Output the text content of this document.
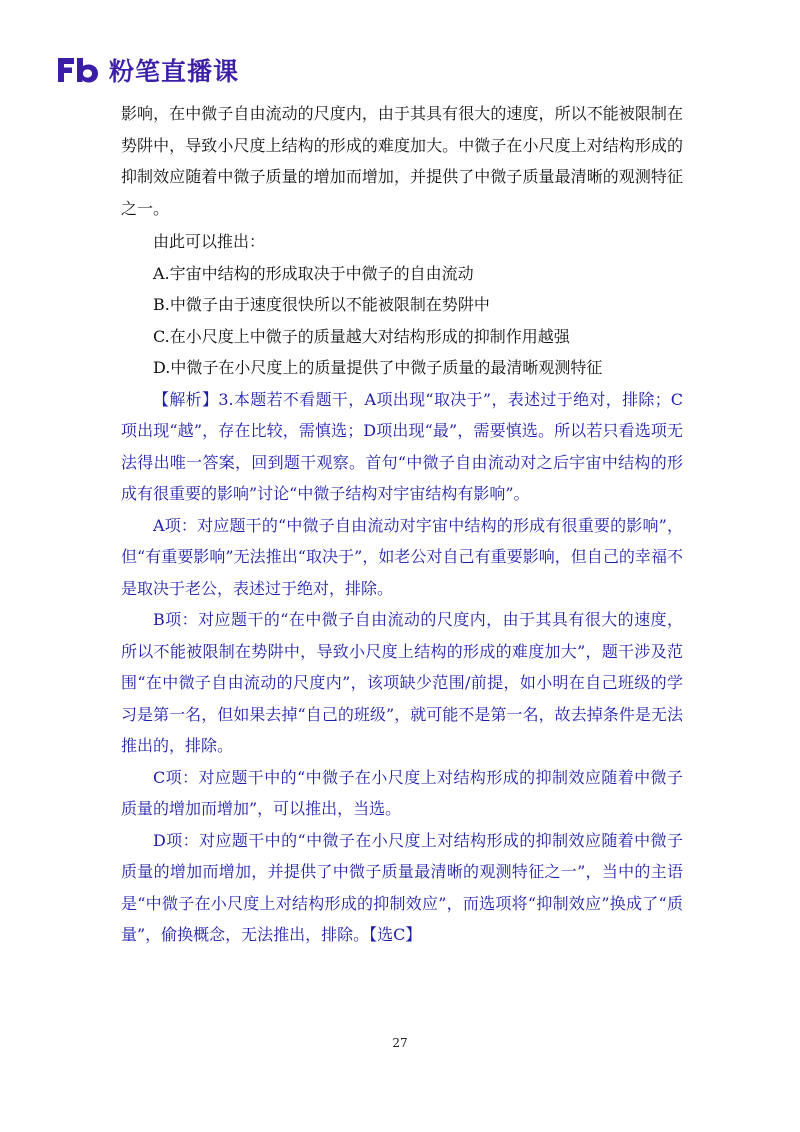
粉笔直播课

影响，在中微子自由流动的尺度内，由于其具有很大的速度，所以不能被限制在势阱中，导致小尺度上结构的形成的难度加大。中微子在小尺度上对结构形成的抑制效应随着中微子质量的增加而增加，并提供了中微子质量最清晰的观测特征之一。

由此可以推出：

A.宇宙中结构的形成取决于中微子的自由流动

B.中微子由于速度很快所以不能被限制在势阱中

C.在小尺度上中微子的质量越大对结构形成的抑制作用越强

D.中微子在小尺度上的质量提供了中微子质量的最清晰观测特征

【解析】3.本题若不看题干，A项出现“取决于”，表述过于绝对，排除；C项出现“越”，存在比较，需慎选；D项出现“最”，需要慎选。所以若只看选项无法得出唯一答案，回到题干观察。首句“中微子自由流动对之后宇宙中结构的形成有很重要的影响”讨论“中微子结构对宇宙结构有影响”。

A项：对应题干的“中微子自由流动对宇宙中结构的形成有很重要的影响”，但“有重要影响”无法推出“取决于”，如老公对自己有重要影响，但自己的幸福不是取决于老公，表述过于绝对，排除。

B项：对应题干的“在中微子自由流动的尺度内，由于其具有很大的速度，所以不能被限制在势阱中，导致小尺度上结构的形成的难度加大”，题干涉及范围“在中微子自由流动的尺度内”，该项缺少范围/前提，如小明在自己班级的学习是第一名，但如果去掉“自己的班级”，就可能不是第一名，故去掉条件是无法推出的，排除。

C项：对应题干中的“中微子在小尺度上对结构形成的抑制效应随着中微子质量的增加而增加”，可以推出，当选。

D项：对应题干中的“中微子在小尺度上对结构形成的抑制效应随着中微子质量的增加而增加，并提供了中微子质量最清晰的观测特征之一”，当中的主语是“中微子在小尺度上对结构形成的抑制效应”，而选项将“抑制效应”换成了“质量”，偷换概念，无法推出，排除。【选C】

27
